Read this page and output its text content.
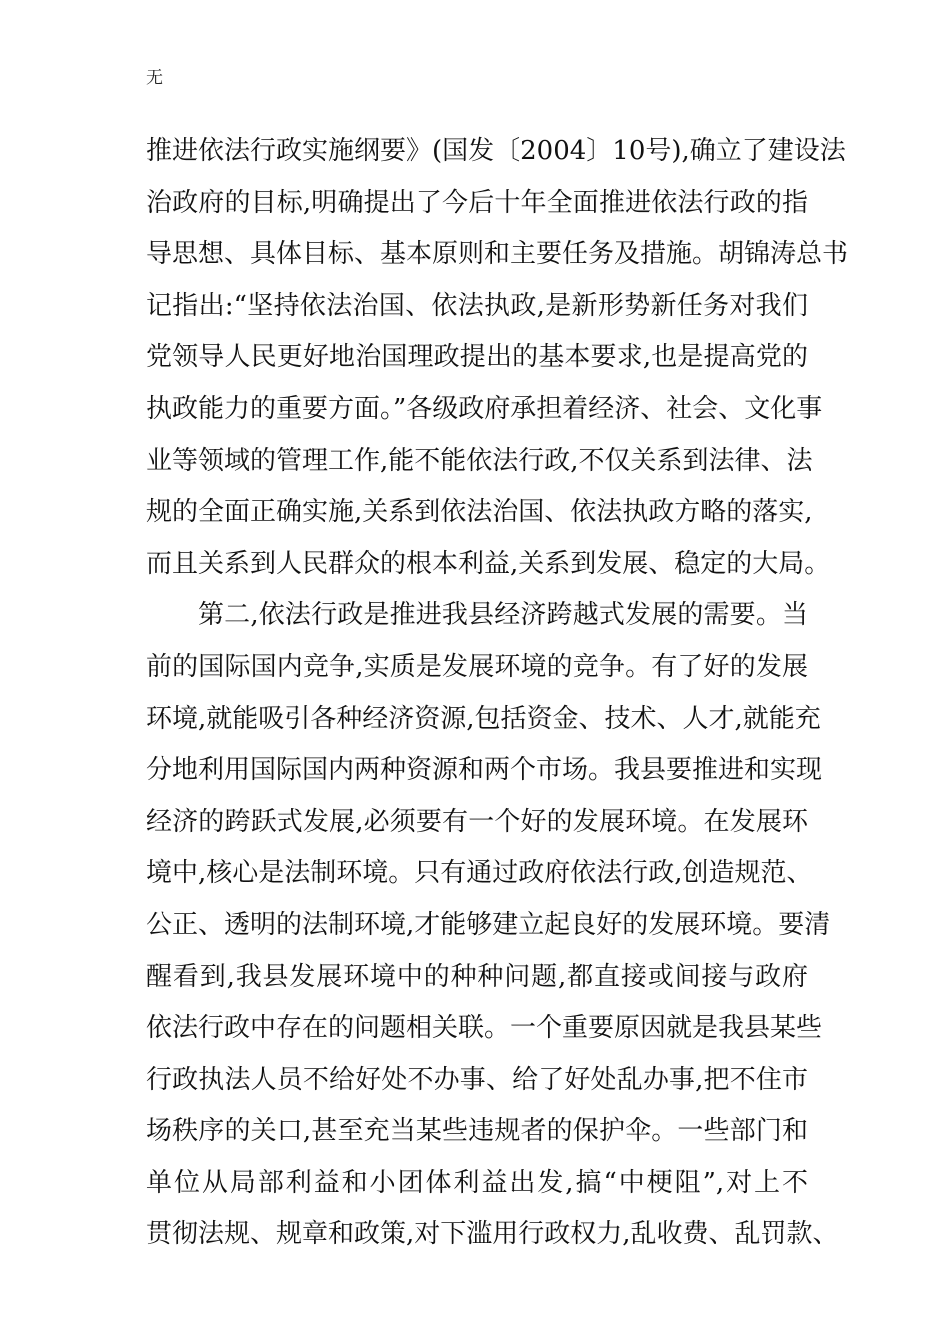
无
推进依法行政实施纲要》(国发〔2004〕10号),确立了建设法
治政府的目标,明确提出了今后十年全面推进依法行政的指
导思想、具体目标、基本原则和主要任务及措施。胡锦涛总书
记指出:“坚持依法治国、依法执政,是新形势新任务对我们
党领导人民更好地治国理政提出的基本要求,也是提高党的
执政能力的重要方面。”各级政府承担着经济、社会、文化事
业等领域的管理工作,能不能依法行政,不仅关系到法律、法
规的全面正确实施,关系到依法治国、依法执政方略的落实,
而且关系到人民群众的根本利益,关系到发展、稳定的大局。
第二,依法行政是推进我县经济跨越式发展的需要。当
前的国际国内竞争,实质是发展环境的竞争。有了好的发展
环境,就能吸引各种经济资源,包括资金、技术、人才,就能充
分地利用国际国内两种资源和两个市场。我县要推进和实现
经济的跨跃式发展,必须要有一个好的发展环境。在发展环
境中,核心是法制环境。只有通过政府依法行政,创造规范、
公正、透明的法制环境,才能够建立起良好的发展环境。要清
醒看到,我县发展环境中的种种问题,都直接或间接与政府
依法行政中存在的问题相关联。一个重要原因就是我县某些
行政执法人员不给好处不办事、给了好处乱办事,把不住市
场秩序的关口,甚至充当某些违规者的保护伞。一些部门和
单位从局部利益和小团体利益出发,搞“中梗阻”,对上不
贯彻法规、规章和政策,对下滥用行政权力,乱收费、乱罚款、
